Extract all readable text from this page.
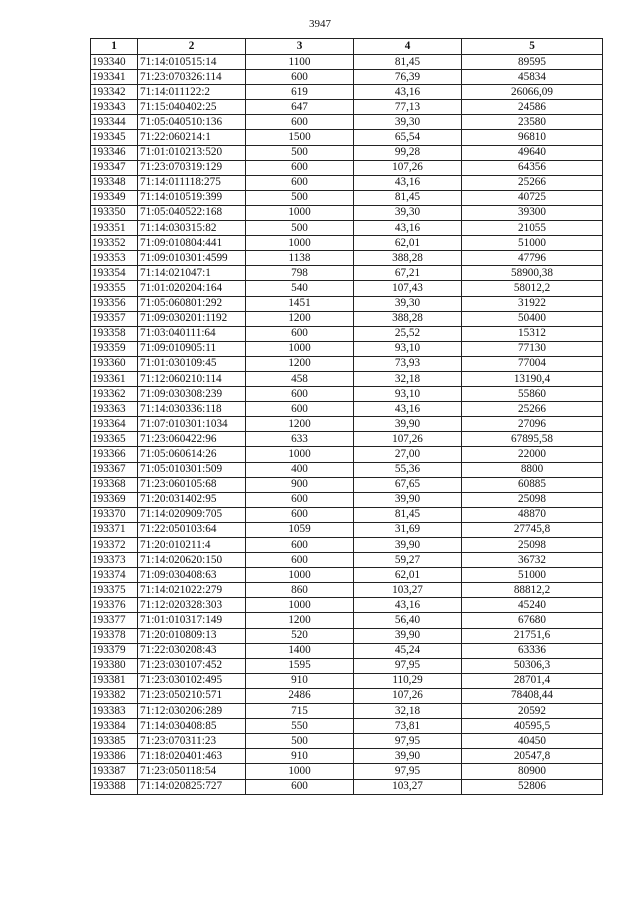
3947
1	2	3	4	5
193340	71:14:010515:14	1100	81,45	89595
193341	71:23:070326:114	600	76,39	45834
193342	71:14:011122:2	619	43,16	26066,09
193343	71:15:040402:25	647	77,13	24586
193344	71:05:040510:136	600	39,30	23580
193345	71:22:060214:1	1500	65,54	96810
193346	71:01:010213:520	500	99,28	49640
193347	71:23:070319:129	600	107,26	64356
193348	71:14:011118:275	600	43,16	25266
193349	71:14:010519:399	500	81,45	40725
193350	71:05:040522:168	1000	39,30	39300
193351	71:14:030315:82	500	43,16	21055
193352	71:09:010804:441	1000	62,01	51000
193353	71:09:010301:4599	1138	388,28	47796
193354	71:14:021047:1	798	67,21	58900,38
193355	71:01:020204:164	540	107,43	58012,2
193356	71:05:060801:292	1451	39,30	31922
193357	71:09:030201:1192	1200	388,28	50400
193358	71:03:040111:64	600	25,52	15312
193359	71:09:010905:11	1000	93,10	77130
193360	71:01:030109:45	1200	73,93	77004
193361	71:12:060210:114	458	32,18	13190,4
193362	71:09:030308:239	600	93,10	55860
193363	71:14:030336:118	600	43,16	25266
193364	71:07:010301:1034	1200	39,90	27096
193365	71:23:060422:96	633	107,26	67895,58
193366	71:05:060614:26	1000	27,00	22000
193367	71:05:010301:509	400	55,36	8800
193368	71:23:060105:68	900	67,65	60885
193369	71:20:031402:95	600	39,90	25098
193370	71:14:020909:705	600	81,45	48870
193371	71:22:050103:64	1059	31,69	27745,8
193372	71:20:010211:4	600	39,90	25098
193373	71:14:020620:150	600	59,27	36732
193374	71:09:030408:63	1000	62,01	51000
193375	71:14:021022:279	860	103,27	88812,2
193376	71:12:020328:303	1000	43,16	45240
193377	71:01:010317:149	1200	56,40	67680
193378	71:20:010809:13	520	39,90	21751,6
193379	71:22:030208:43	1400	45,24	63336
193380	71:23:030107:452	1595	97,95	50306,3
193381	71:23:030102:495	910	110,29	28701,4
193382	71:23:050210:571	2486	107,26	78408,44
193383	71:12:030206:289	715	32,18	20592
193384	71:14:030408:85	550	73,81	40595,5
193385	71:23:070311:23	500	97,95	40450
193386	71:18:020401:463	910	39,90	20547,8
193387	71:23:050118:54	1000	97,95	80900
193388	71:14:020825:727	600	103,27	52806
